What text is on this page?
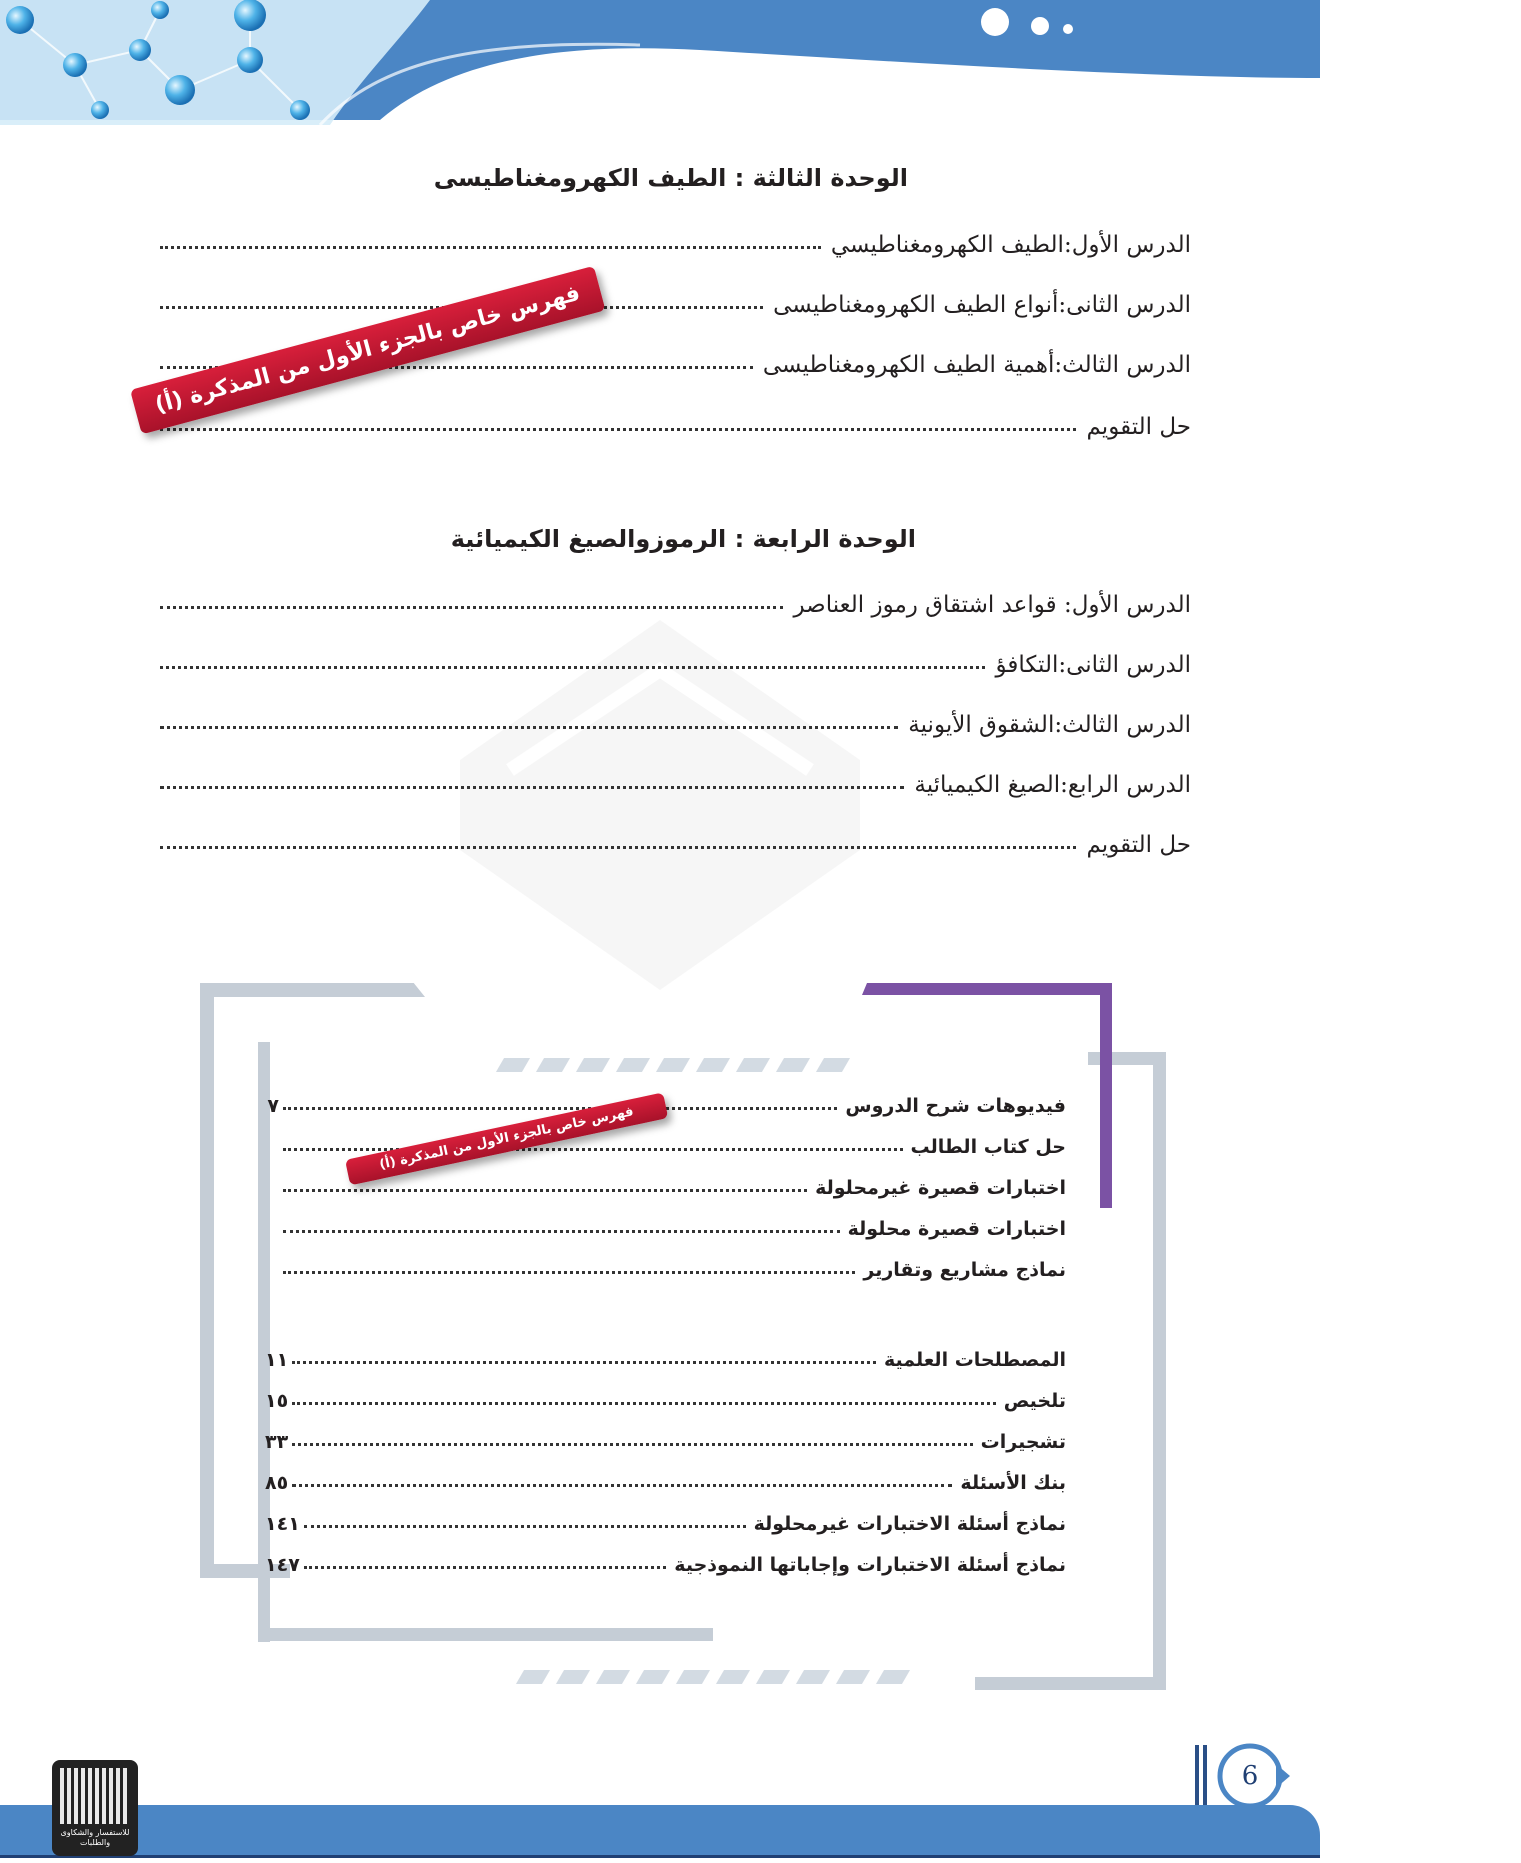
الوحدة الثالثة : الطيف الكهرومغناطيسى
الدرس الأول:الطيف الكهرومغناطيسي
الدرس الثانى:أنواع الطيف الكهرومغناطيسى
الدرس الثالث:أهمية الطيف الكهرومغناطيسى
حل التقويم
فهرس خاص بالجزء الأول من المذكرة (أ)
الوحدة الرابعة : الرموزوالصيغ الكيميائية
الدرس الأول: قواعد اشتقاق رموز العناصر
الدرس الثانى:التكافؤ
الدرس الثالث:الشقوق الأيونية
الدرس الرابع:الصيغ الكيميائية
حل التقويم
فيديوهات شرح الدروس
٧
حل كتاب الطالب
اختبارات قصيرة غيرمحلولة
اختبارات قصيرة محلولة
نماذج مشاريع وتقارير
فهرس خاص بالجزء الأول من المذكرة (أ)
المصطلحات العلمية
١١
تلخيص
١٥
تشجيرات
٣٣
بنك الأسئلة
٨٥
نماذج أسئلة الاختبارات غيرمحلولة
١٤١
نماذج أسئلة الاختبارات وإجاباتها النموذجية
١٤٧
6
للاستفسار والشكاوى والطلبات
